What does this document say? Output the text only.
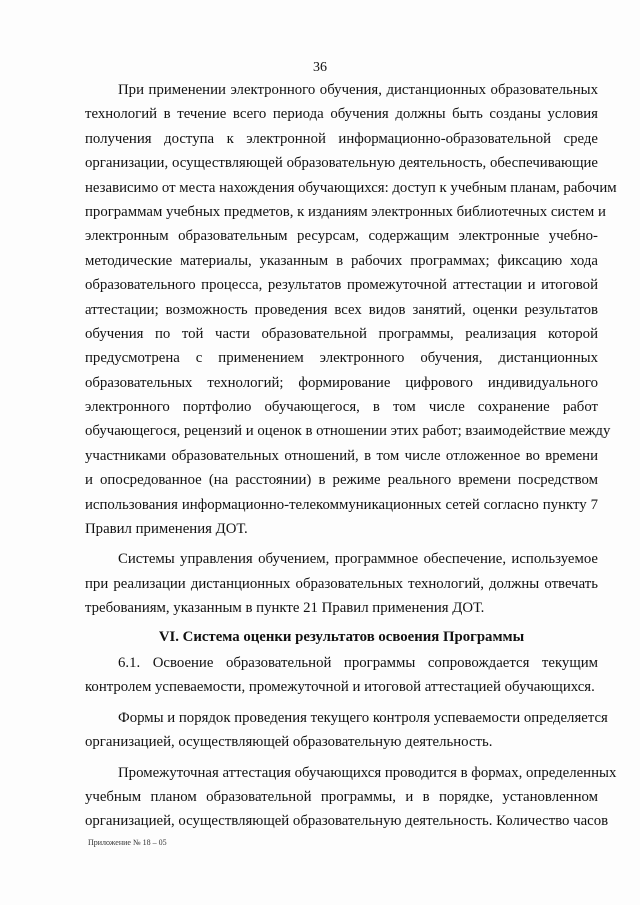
36
При применении электронного обучения, дистанционных образовательных
технологий в течение всего периода обучения должны быть созданы условия
получения доступа к электронной информационно-образовательной среде
организации, осуществляющей образовательную деятельность, обеспечивающие
независимо от места нахождения обучающихся: доступ к учебным планам, рабочим
программам учебных предметов, к изданиям электронных библиотечных систем и
электронным образовательным ресурсам, содержащим электронные учебно-
методические материалы, указанным в рабочих программах; фиксацию хода
образовательного процесса, результатов промежуточной аттестации и итоговой
аттестации; возможность проведения всех видов занятий, оценки результатов
обучения по той части образовательной программы, реализация которой
предусмотрена с применением электронного обучения, дистанционных
образовательных технологий; формирование цифрового индивидуального
электронного портфолио обучающегося, в том числе сохранение работ
обучающегося, рецензий и оценок в отношении этих работ; взаимодействие между
участниками образовательных отношений, в том числе отложенное во времени
и опосредованное (на расстоянии) в режиме реального времени посредством
использования информационно-телекоммуникационных сетей согласно пункту 7
Правил применения ДОТ.
Системы управления обучением, программное обеспечение, используемое
при реализации дистанционных образовательных технологий, должны отвечать
требованиям, указанным в пункте 21 Правил применения ДОТ.
VI. Система оценки результатов освоения Программы
6.1. Освоение образовательной программы сопровождается текущим
контролем успеваемости, промежуточной и итоговой аттестацией обучающихся.
Формы и порядок проведения текущего контроля успеваемости определяется
организацией, осуществляющей образовательную деятельность.
Промежуточная аттестация обучающихся проводится в формах, определенных
учебным планом образовательной программы, и в порядке, установленном
организацией, осуществляющей образовательную деятельность. Количество часов
Приложение № 18 – 05
